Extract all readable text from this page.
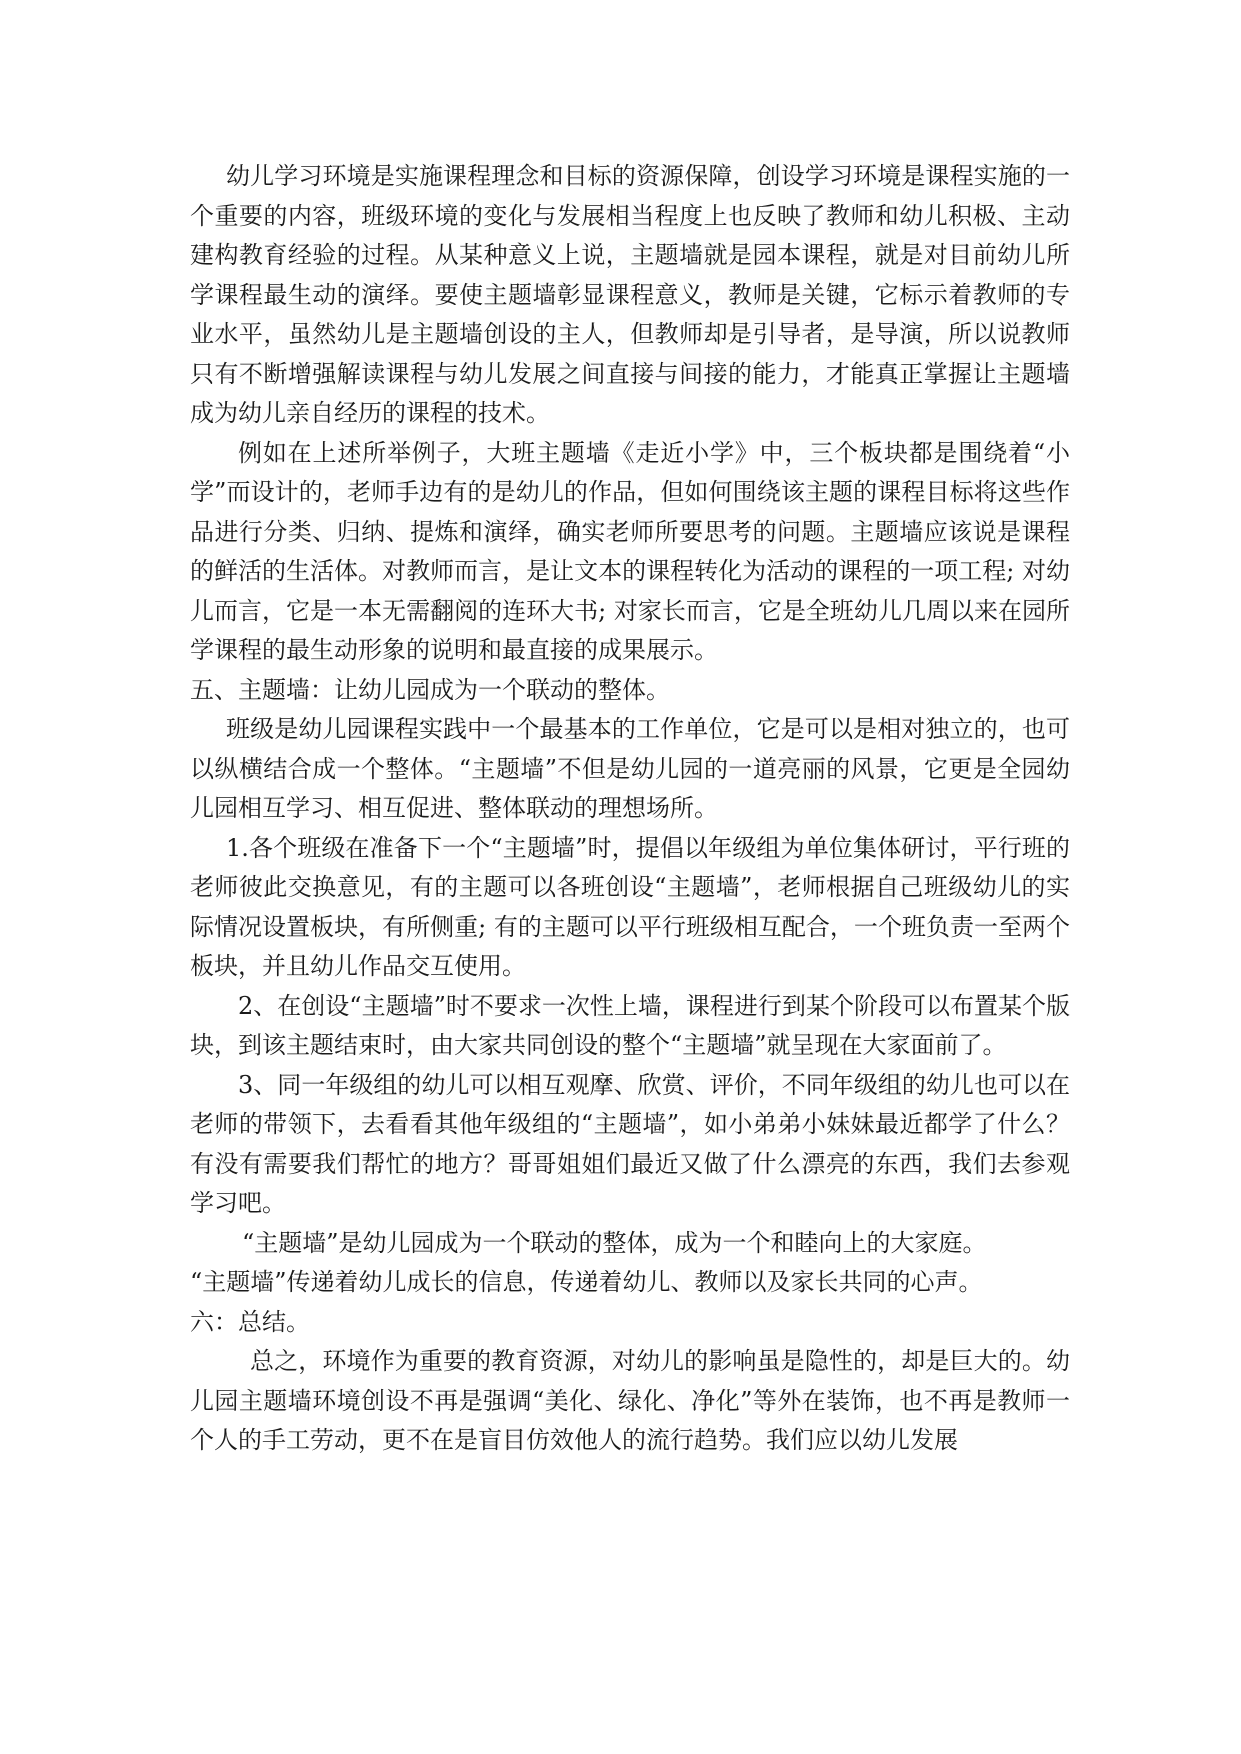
幼儿学习环境是实施课程理念和目标的资源保障，创设学习环境是课程实施的一个重要的内容，班级环境的变化与发展相当程度上也反映了教师和幼儿积极、主动建构教育经验的过程。从某种意义上说，主题墙就是园本课程，就是对目前幼儿所学课程最生动的演绎。要使主题墙彰显课程意义，教师是关键，它标示着教师的专业水平，虽然幼儿是主题墙创设的主人，但教师却是引导者，是导演，所以说教师只有不断增强解读课程与幼儿发展之间直接与间接的能力，才能真正掌握让主题墙成为幼儿亲自经历的课程的技术。

例如在上述所举例子，大班主题墙《走近小学》中，三个板块都是围绕着“小学”而设计的，老师手边有的是幼儿的作品，但如何围绕该主题的课程目标将这些作品进行分类、归纳、提炼和演绎，确实老师所要思考的问题。主题墙应该说是课程的鲜活的生活体。对教师而言，是让文本的课程转化为活动的课程的一项工程; 对幼儿而言，它是一本无需翻阅的连环大书; 对家长而言，它是全班幼儿几周以来在园所学课程的最生动形象的说明和最直接的成果展示。

五、主题墙：让幼儿园成为一个联动的整体。

班级是幼儿园课程实践中一个最基本的工作单位，它是可以是相对独立的，也可以纵横结合成一个整体。“主题墙”不但是幼儿园的一道亮丽的风景，它更是全园幼儿园相互学习、相互促进、整体联动的理想场所。

1.各个班级在准备下一个“主题墙”时，提倡以年级组为单位集体研讨，平行班的老师彼此交换意见，有的主题可以各班创设“主题墙”，老师根据自己班级幼儿的实际情况设置板块，有所侧重; 有的主题可以平行班级相互配合，一个班负责一至两个板块，并且幼儿作品交互使用。

2、在创设“主题墙”时不要求一次性上墙，课程进行到某个阶段可以布置某个版块，到该主题结束时，由大家共同创设的整个“主题墙”就呈现在大家面前了。

3、同一年级组的幼儿可以相互观摩、欣赏、评价，不同年级组的幼儿也可以在老师的带领下，去看看其他年级组的“主题墙”，如小弟弟小妹妹最近都学了什么？有没有需要我们帮忙的地方？哥哥姐姐们最近又做了什么漂亮的东西，我们去参观学习吧。

“主题墙”是幼儿园成为一个联动的整体，成为一个和睦向上的大家庭。

“主题墙”传递着幼儿成长的信息，传递着幼儿、教师以及家长共同的心声。

六：总结。

总之，环境作为重要的教育资源，对幼儿的影响虽是隐性的，却是巨大的。幼儿园主题墙环境创设不再是强调“美化、绿化、净化”等外在装饰，也不再是教师一个人的手工劳动，更不在是盲目仿效他人的流行趋势。我们应以幼儿发展
